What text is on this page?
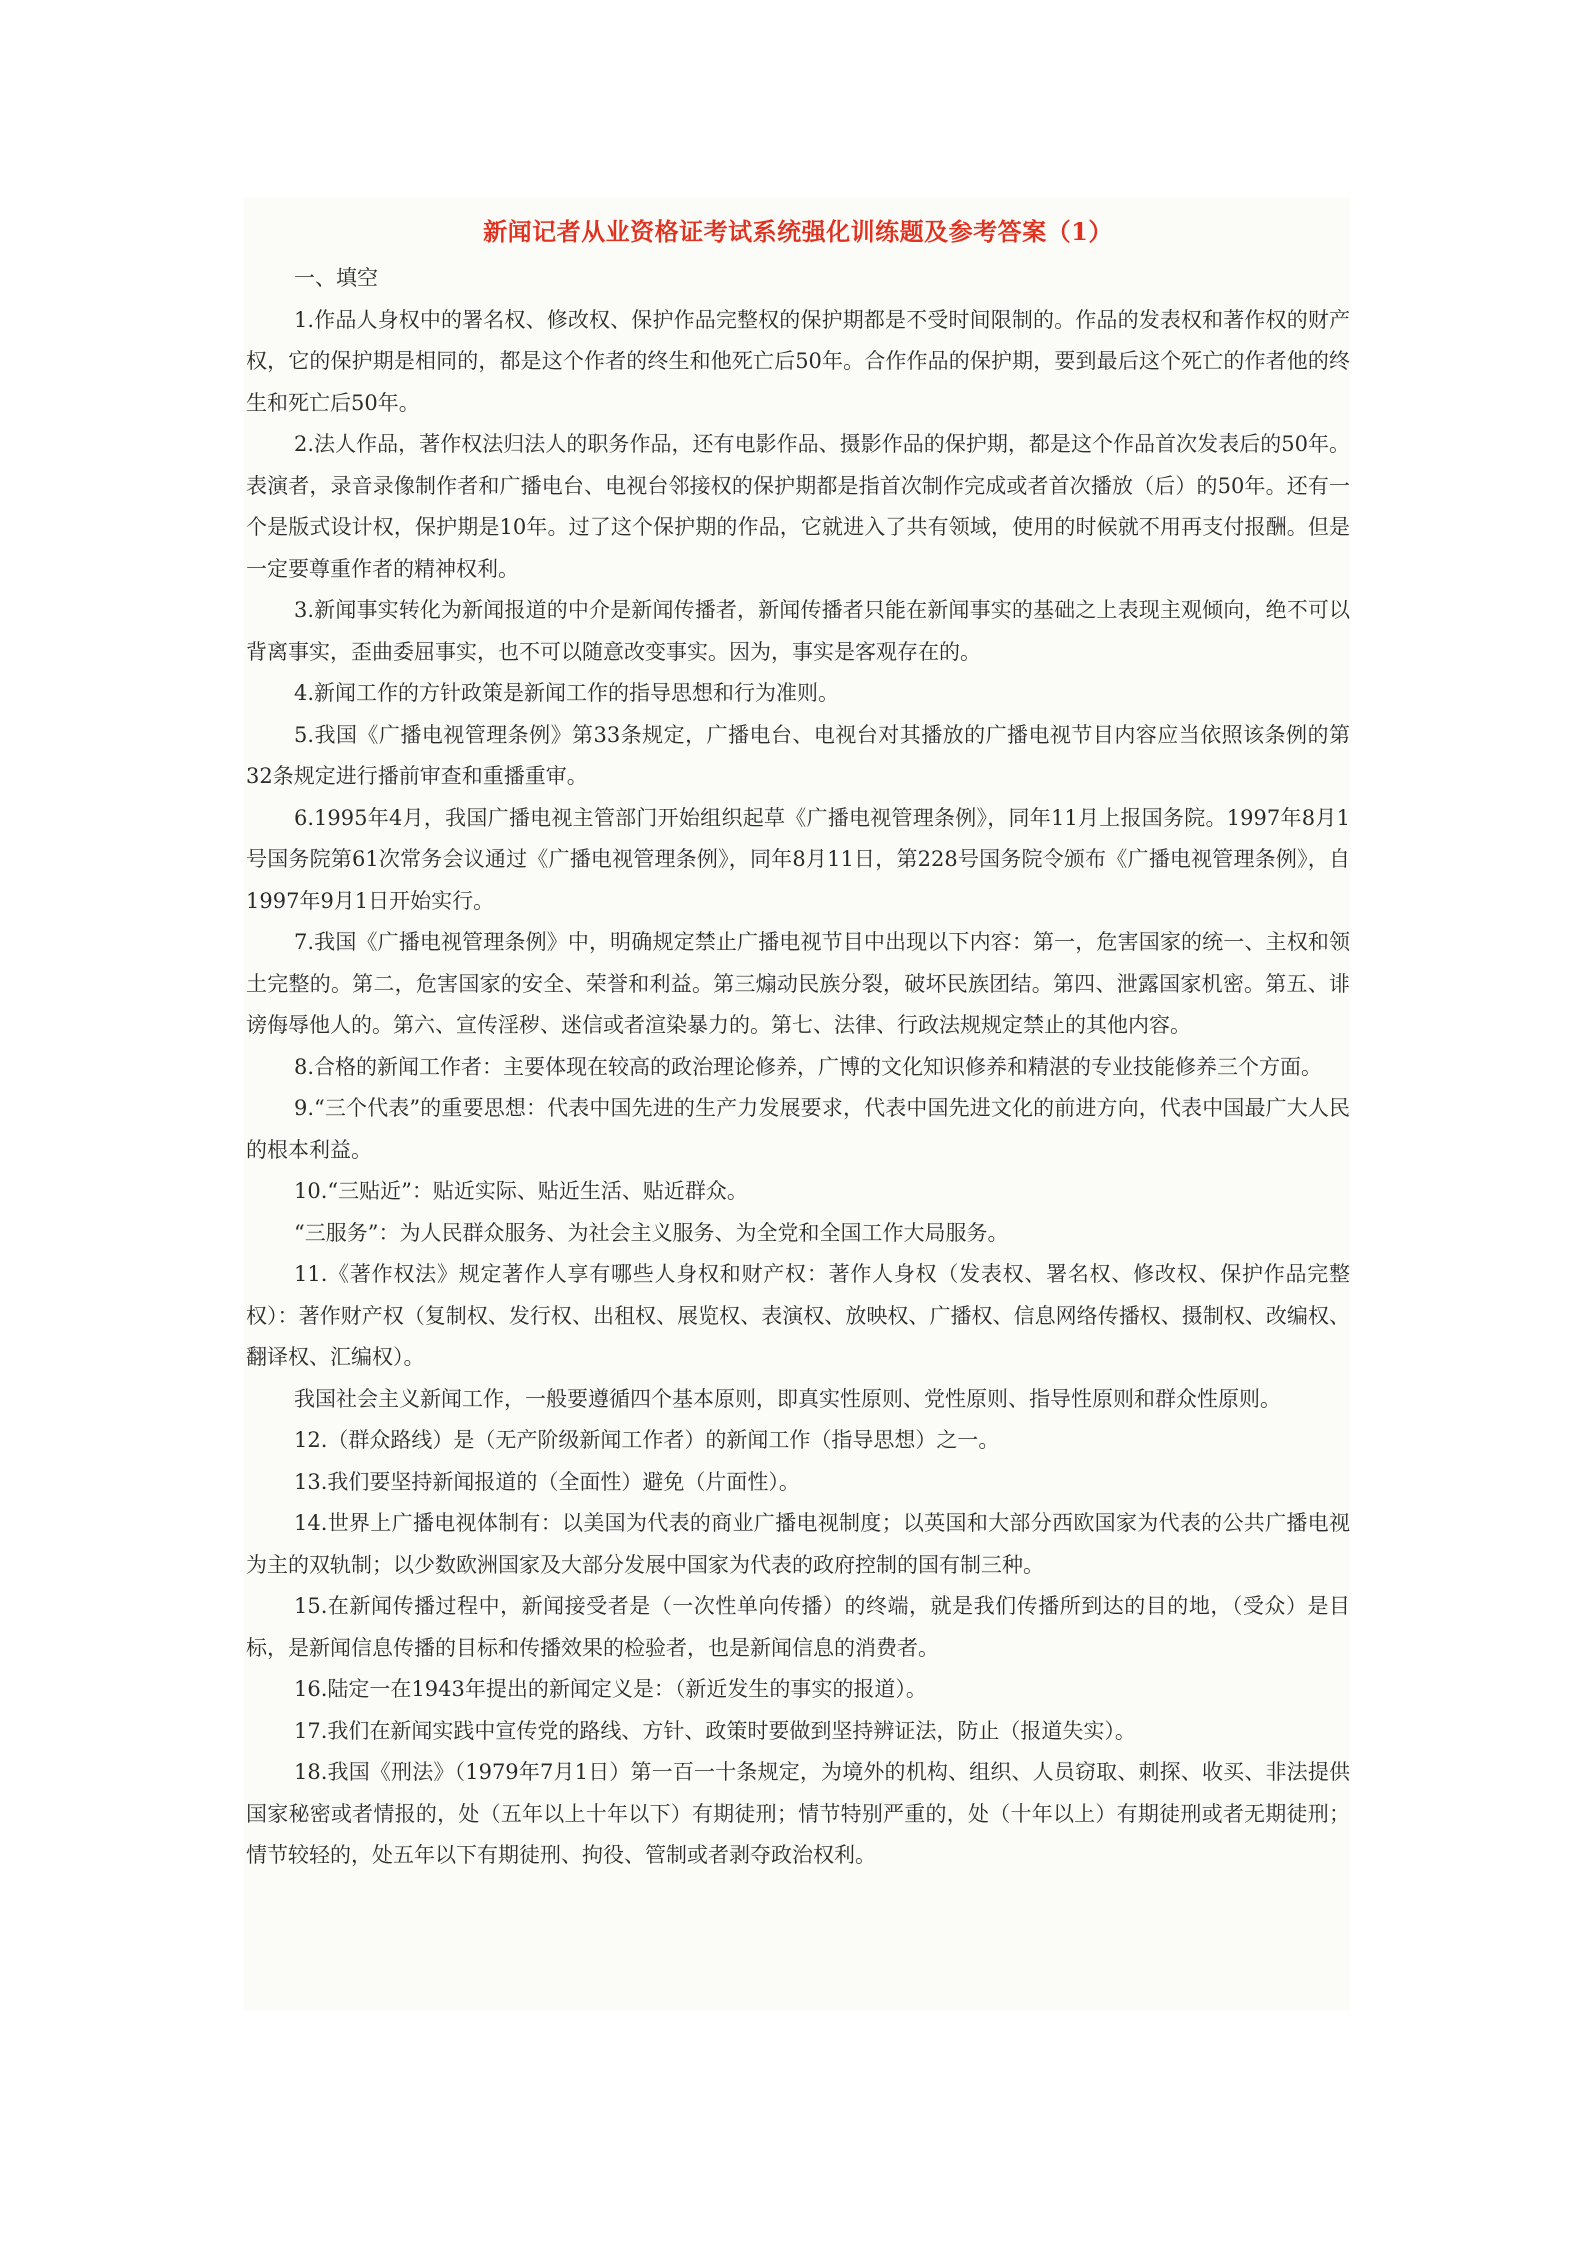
新闻记者从业资格证考试系统强化训练题及参考答案（1）

一、填空

1.作品人身权中的署名权、修改权、保护作品完整权的保护期都是不受时间限制的。作品的发表权和著作权的财产权，它的保护期是相同的，都是这个作者的终生和他死亡后50年。合作作品的保护期，要到最后这个死亡的作者他的终生和死亡后50年。

2.法人作品，著作权法归法人的职务作品，还有电影作品、摄影作品的保护期，都是这个作品首次发表后的50年。表演者，录音录像制作者和广播电台、电视台邻接权的保护期都是指首次制作完成或者首次播放（后）的50年。还有一个是版式设计权，保护期是10年。过了这个保护期的作品，它就进入了共有领域，使用的时候就不用再支付报酬。但是一定要尊重作者的精神权利。

3.新闻事实转化为新闻报道的中介是新闻传播者，新闻传播者只能在新闻事实的基础之上表现主观倾向，绝不可以背离事实，歪曲委屈事实，也不可以随意改变事实。因为，事实是客观存在的。

4.新闻工作的方针政策是新闻工作的指导思想和行为准则。

5.我国《广播电视管理条例》第33条规定，广播电台、电视台对其播放的广播电视节目内容应当依照该条例的第32条规定进行播前审查和重播重审。

6.1995年4月，我国广播电视主管部门开始组织起草《广播电视管理条例》，同年11月上报国务院。1997年8月1号国务院第61次常务会议通过《广播电视管理条例》，同年8月11日，第228号国务院令颁布《广播电视管理条例》，自1997年9月1日开始实行。

7.我国《广播电视管理条例》中，明确规定禁止广播电视节目中出现以下内容：第一，危害国家的统一、主权和领土完整的。第二，危害国家的安全、荣誉和利益。第三煽动民族分裂，破坏民族团结。第四、泄露国家机密。第五、诽谤侮辱他人的。第六、宣传淫秽、迷信或者渲染暴力的。第七、法律、行政法规规定禁止的其他内容。

8.合格的新闻工作者：主要体现在较高的政治理论修养，广博的文化知识修养和精湛的专业技能修养三个方面。

9.“三个代表”的重要思想：代表中国先进的生产力发展要求，代表中国先进文化的前进方向，代表中国最广大人民的根本利益。

10.“三贴近”：贴近实际、贴近生活、贴近群众。

“三服务”：为人民群众服务、为社会主义服务、为全党和全国工作大局服务。

11.《著作权法》规定著作人享有哪些人身权和财产权：著作人身权（发表权、署名权、修改权、保护作品完整权）：著作财产权（复制权、发行权、出租权、展览权、表演权、放映权、广播权、信息网络传播权、摄制权、改编权、翻译权、汇编权）。

我国社会主义新闻工作，一般要遵循四个基本原则，即真实性原则、党性原则、指导性原则和群众性原则。

12.（群众路线）是（无产阶级新闻工作者）的新闻工作（指导思想）之一。

13.我们要坚持新闻报道的（全面性）避免（片面性）。

14.世界上广播电视体制有：以美国为代表的商业广播电视制度；以英国和大部分西欧国家为代表的公共广播电视为主的双轨制；以少数欧洲国家及大部分发展中国家为代表的政府控制的国有制三种。

15.在新闻传播过程中，新闻接受者是（一次性单向传播）的终端，就是我们传播所到达的目的地，（受众）是目标，是新闻信息传播的目标和传播效果的检验者，也是新闻信息的消费者。

16.陆定一在1943年提出的新闻定义是：（新近发生的事实的报道）。

17.我们在新闻实践中宣传党的路线、方针、政策时要做到坚持辨证法，防止（报道失实）。

18.我国《刑法》（1979年7月1日）第一百一十条规定，为境外的机构、组织、人员窃取、刺探、收买、非法提供国家秘密或者情报的，处（五年以上十年以下）有期徒刑；情节特别严重的，处（十年以上）有期徒刑或者无期徒刑；情节较轻的，处五年以下有期徒刑、拘役、管制或者剥夺政治权利。
